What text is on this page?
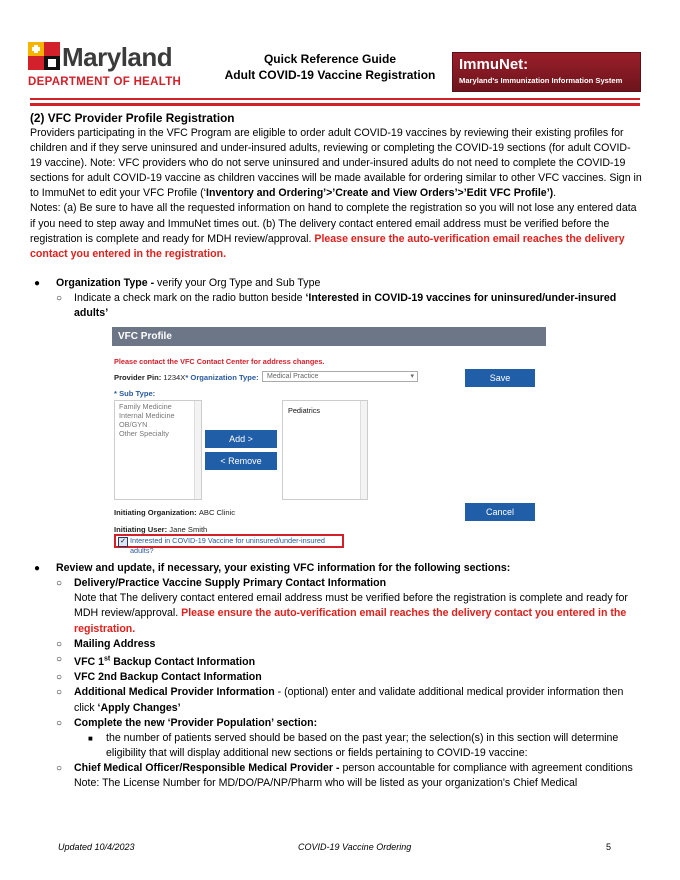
Maryland
DEPARTMENT OF HEALTH
Quick Reference Guide
Adult COVID-19 Vaccine Registration
ImmuNet:
Maryland's Immunization Information System
(2) VFC Provider Profile Registration

Providers participating in the VFC Program are eligible to order adult COVID-19 vaccines by reviewing their existing profiles for children and if they serve uninsured and under-insured adults, reviewing or completing the COVID-19 sections (for adult COVID-19 vaccine). Note: VFC providers who do not serve uninsured and under-insured adults do not need to complete the COVID-19 sections for adult COVID-19 vaccine as children vaccines will be made available for ordering similar to other VFC vaccines. Sign in to ImmuNet to edit your VFC Profile (‘Inventory and Ordering’>’Create and View Orders’>’Edit VFC Profile’).

Notes: (a) Be sure to have all the requested information on hand to complete the registration so you will not lose any entered data if you need to step away and ImmuNet times out. (b) The delivery contact entered email address must be verified before the registration is complete and ready for MDH review/approval. Please ensure the auto-verification email reaches the delivery contact you entered in the registration.

● Organization Type - verify your Org Type and Sub Type
○ Indicate a check mark on the radio button beside ‘Interested in COVID-19 vaccines for uninsured/under-insured adults’
VFC Profile
Please contact the VFC Contact Center for address changes.
Provider Pin: 1234X* Organization Type:	Medical Practice	▾	Save
* Sub Type:
Family Medicine
Internal Medicine
OB/GYN
Other Specialty
Add >
< Remove
Pediatrics
Cancel
Initiating Organization: ABC Clinic
Initiating User: Jane Smith
✓ Interested in COVID-19 Vaccine for uninsured/under-insured adults?
● Review and update, if necessary, your existing VFC information for the following sections:
○ Delivery/Practice Vaccine Supply Primary Contact Information
Note that The delivery contact entered email address must be verified before the registration is complete and ready for MDH review/approval. Please ensure the auto-verification email reaches the delivery contact you entered in the registration.
○ Mailing Address
○ VFC 1st Backup Contact Information
○ VFC 2nd Backup Contact Information
○ Additional Medical Provider Information - (optional) enter and validate additional medical provider information then click ‘Apply Changes’
○ Complete the new ‘Provider Population’ section:
■ the number of patients served should be based on the past year; the selection(s) in this section will determine eligibility that will display additional new sections or fields pertaining to COVID-19 vaccine:
○ Chief Medical Officer/Responsible Medical Provider - person accountable for compliance with agreement conditions
Note: The License Number for MD/DO/PA/NP/Pharm who will be listed as your organization's Chief Medical
Updated 10/4/2023	COVID-19 Vaccine Ordering	5
